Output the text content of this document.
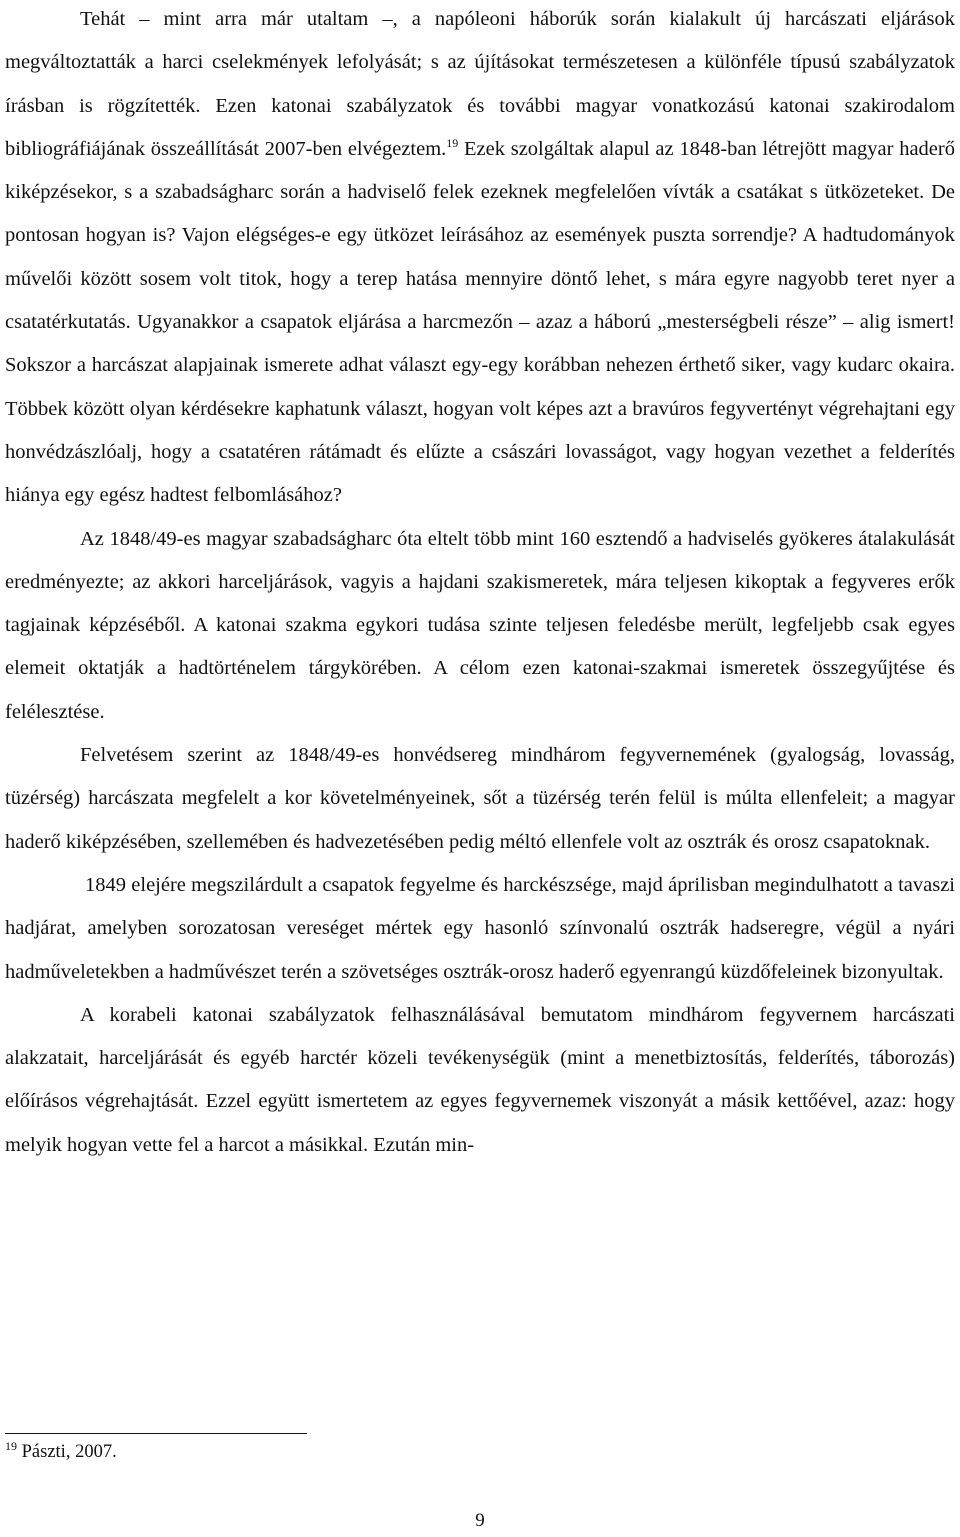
Tehát – mint arra már utaltam –, a napóleoni háborúk során kialakult új harcászati eljárások megváltoztatták a harci cselekmények lefolyását; s az újításokat természetesen a különféle típusú szabályzatok írásban is rögzítették. Ezen katonai szabályzatok és további magyar vonatkozású katonai szakirodalom bibliográfiájának összeállítását 2007-ben elvégeztem.$^{19}$ Ezek szolgáltak alapul az 1848-ban létrejött magyar haderő kiképzésekor, s a szabadságharc során a hadviselő felek ezeknek megfelelően vívták a csatákat s ütközeteket. De pontosan hogyan is? Vajon elégséges-e egy ütközet leírásához az események puszta sorrendje? A hadtudományok művelői között sosem volt titok, hogy a terep hatása mennyire döntő lehet, s mára egyre nagyobb teret nyer a csatatérkutatás. Ugyanakkor a csapatok eljárása a harcmezőn – azaz a háború „mesterségbeli része” – alig ismert! Sokszor a harcászat alapjainak ismerete adhat választ egy-egy korábban nehezen érthető siker, vagy kudarc okaira. Többek között olyan kérdésekre kaphatunk választ, hogyan volt képes azt a bravúros fegyvertényt végrehajtani egy honvédzászlóalj, hogy a csatatéren rátámadt és elűzte a császári lovasságot, vagy hogyan vezethet a felderítés hiánya egy egész hadtest felbomlásához?

Az 1848/49-es magyar szabadságharc óta eltelt több mint 160 esztendő a hadviselés gyökeres átalakulását eredményezte; az akkori harceljárások, vagyis a hajdani szakismeretek, mára teljesen kikoptak a fegyveres erők tagjainak képzéséből. A katonai szakma egykori tudása szinte teljesen feledésbe merült, legfeljebb csak egyes elemeit oktatják a hadtörténelem tárgykörében. A célom ezen katonai-szakmai ismeretek összegyűjtése és felélesztése.

Felvetésem szerint az 1848/49-es honvédsereg mindhárom fegyvernemének (gyalogság, lovasság, tüzérség) harcászata megfelelt a kor követelményeinek, sőt a tüzérség terén felül is múlta ellenfeleit; a magyar haderő kiképzésében, szellemében és hadvezetésében pedig méltó ellenfele volt az osztrák és orosz csapatoknak.

1849 elejére megszilárdult a csapatok fegyelme és harckészsége, majd áprilisban megindulhatott a tavaszi hadjárat, amelyben sorozatosan vereséget mértek egy hasonló színvonalú osztrák hadseregre, végül a nyári hadműveletekben a hadművészet terén a szövetséges osztrák-orosz haderő egyenrangú küzdőfeleinek bizonyultak.

A korabeli katonai szabályzatok felhasználásával bemutatom mindhárom fegyvernem harcászati alakzatait, harceljárását és egyéb harctér közeli tevékenységük (mint a menetbiztosítás, felderítés, táborozás) előírásos végrehajtását. Ezzel együtt ismertetem az egyes fegyvernemek viszonyát a másik kettőével, azaz: hogy melyik hogyan vette fel a harcot a másikkal. Ezután min-

$^{19}$ Pászti, 2007.
9
